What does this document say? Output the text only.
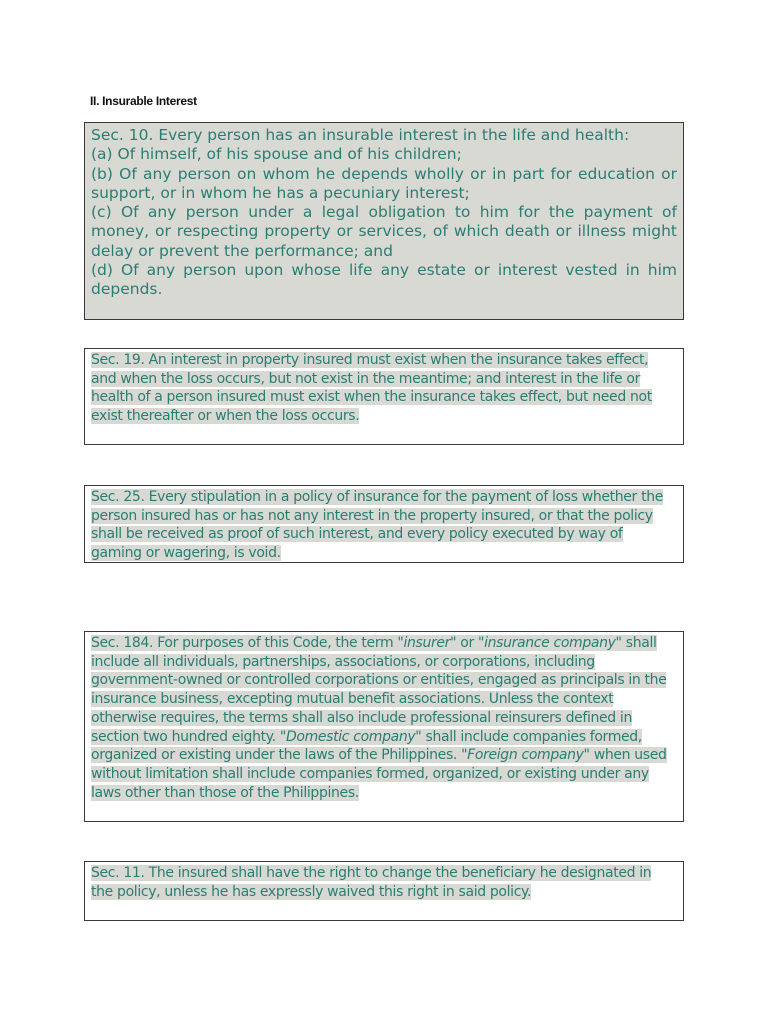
II. Insurable Interest

Sec. 10. Every person has an insurable interest in the life and health:

(a) Of himself, of his spouse and of his children;

(b) Of any person on whom he depends wholly or in part for education or support, or in whom he has a pecuniary interest;

(c) Of any person under a legal obligation to him for the payment of money, or respecting property or services, of which death or illness might delay or prevent the performance; and

(d) Of any person upon whose life any estate or interest vested in him depends.

Sec. 19. An interest in property insured must exist when the insurance takes effect, and when the loss occurs, but not exist in the meantime; and interest in the life or health of a person insured must exist when the insurance takes effect, but need not exist thereafter or when the loss occurs.
Sec. 25. Every stipulation in a policy of insurance for the payment of loss whether the person insured has or has not any interest in the property insured, or that the policy shall be received as proof of such interest, and every policy executed by way of gaming or wagering, is void.
Sec. 184. For purposes of this Code, the term "insurer" or "insurance company" shall include all individuals, partnerships, associations, or corporations, including government-owned or controlled corporations or entities, engaged as principals in the insurance business, excepting mutual benefit associations. Unless the context otherwise requires, the terms shall also include professional reinsurers defined in section two hundred eighty. "Domestic company" shall include companies formed, organized or existing under the laws of the Philippines. "Foreign company" when used without limitation shall include companies formed, organized, or existing under any laws other than those of the Philippines.
Sec. 11. The insured shall have the right to change the beneficiary he designated in the policy, unless he has expressly waived this right in said policy.
